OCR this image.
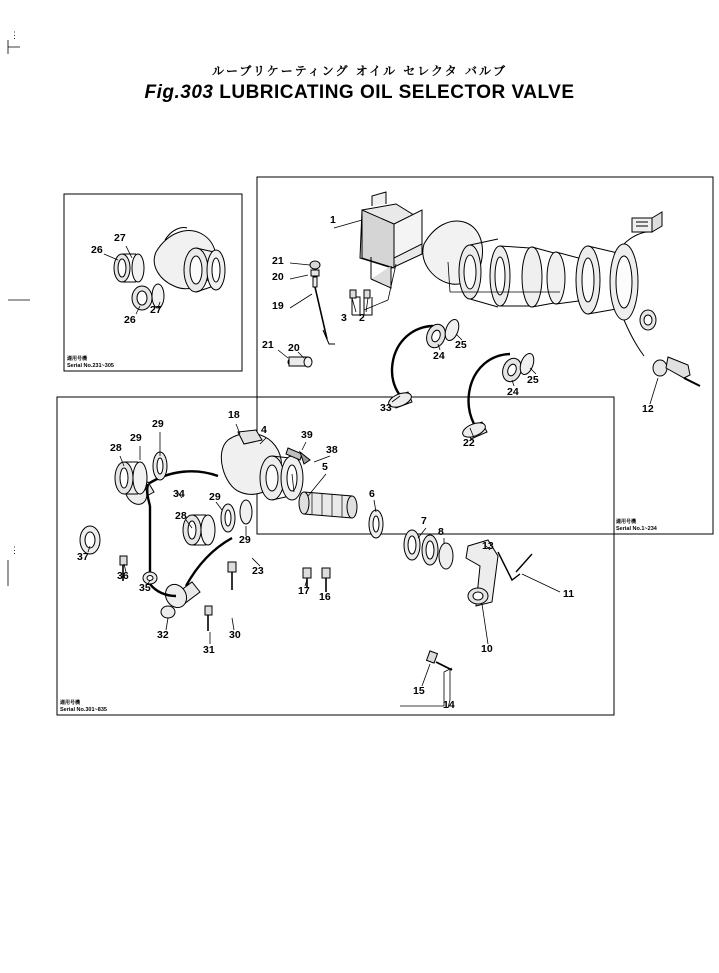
ルーブリケーティング オイル セレクタ バルブ
Fig.303 LUBRICATING OIL SELECTOR VALVE
1
21
20
19
26
27
26
27
21 20
3 2
33
24
25
22
24
25
12
18
29
29
28
4	39
38
5
34 29
28
29
6
7
8
13
37
36
35
23
17 16	11
32
31
30
10
15
14
適用号機
Serial No.231~305
適用号機
Serial No.1~234
適用号機
Serial No.301~835
⋮
⋮
